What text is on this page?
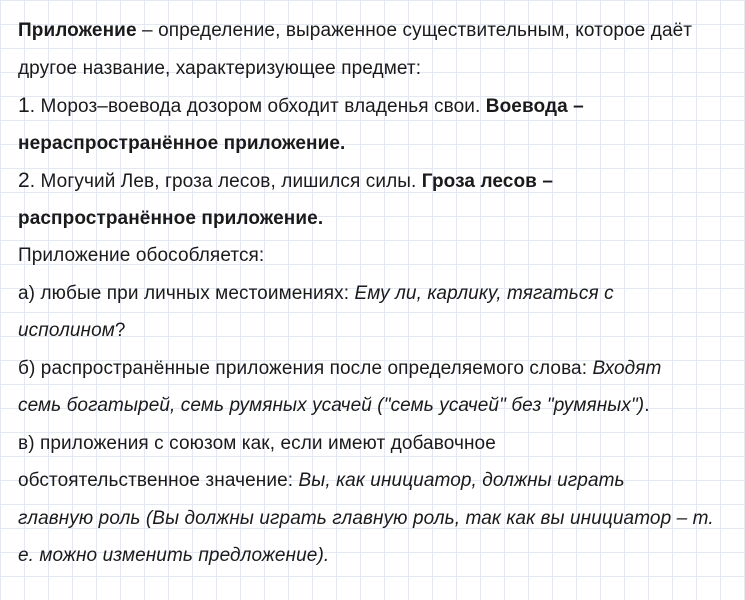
Приложение – определение, выраженное существительным, которое даёт
другое название, характеризующее предмет:
1. Мороз–воевода дозором обходит владенья свои. Воевода –
нераспространённое приложение.
2. Могучий Лев, гроза лесов, лишился силы. Гроза лесов –
распространённое приложение.
Приложение обособляется:
а) любые при личных местоимениях: Ему ли, карлику, тягаться с
исполином?
б) распространённые приложения после определяемого слова: Входят
семь богатырей, семь румяных усачей ("семь усачей" без "румяных").
в) приложения с союзом как, если имеют добавочное
обстоятельственное значение: Вы, как инициатор, должны играть
главную роль (Вы должны играть главную роль, так как вы инициатор – т.
е. можно изменить предложение).
